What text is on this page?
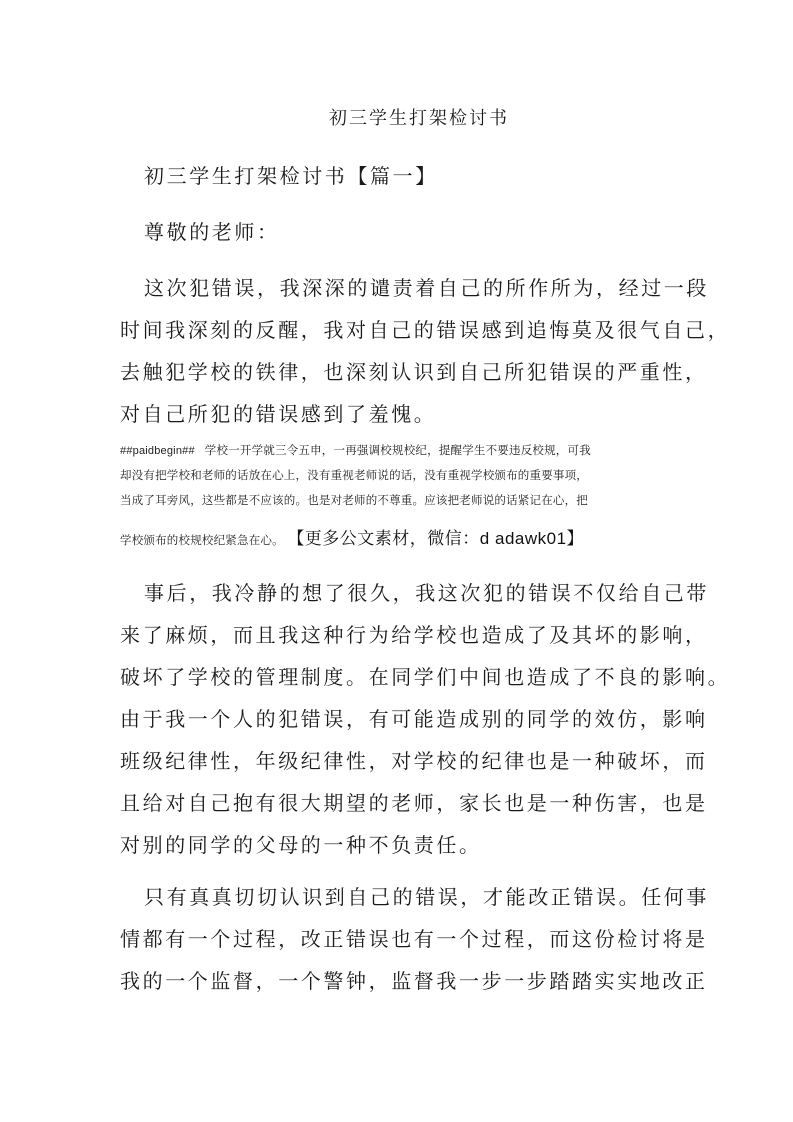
初三学生打架检讨书
初三学生打架检讨书【篇一】
尊敬的老师：
这次犯错误，我深深的谴责着自己的所作所为，经过一段
时间我深刻的反醒，我对自己的错误感到追悔莫及很气自己，
去触犯学校的铁律，也深刻认识到自己所犯错误的严重性，
对自己所犯的错误感到了羞愧。
##paidbegin## 学校一开学就三令五申，一再强调校规校纪，提醒学生不要违反校规，可我
却没有把学校和老师的话放在心上，没有重视老师说的话，没有重视学校颁布的重要事项，
当成了耳旁风，这些都是不应该的。也是对老师的不尊重。应该把老师说的话紧记在心，把
学校颁布的校规校纪紧急在心。 【更多公文素材，微信：d adawk01】
事后，我冷静的想了很久，我这次犯的错误不仅给自己带
来了麻烦，而且我这种行为给学校也造成了及其坏的影响，
破坏了学校的管理制度。在同学们中间也造成了不良的影响。
由于我一个人的犯错误，有可能造成别的同学的效仿，影响
班级纪律性，年级纪律性，对学校的纪律也是一种破坏，而
且给对自己抱有很大期望的老师，家长也是一种伤害，也是
对别的同学的父母的一种不负责任。
只有真真切切认识到自己的错误，才能改正错误。任何事
情都有一个过程，改正错误也有一个过程，而这份检讨将是
我的一个监督，一个警钟，监督我一步一步踏踏实实地改正
